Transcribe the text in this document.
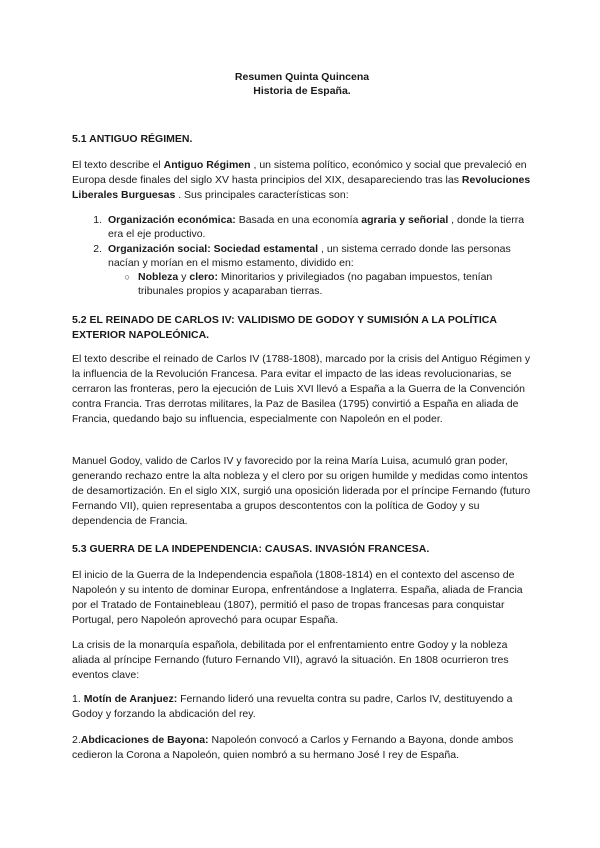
Resumen Quinta Quincena
Historia de España.
5.1 ANTIGUO RÉGIMEN.

El texto describe el Antiguo Régimen , un sistema político, económico y social que prevaleció en Europa desde finales del siglo XV hasta principios del XIX, desapareciendo tras las Revoluciones Liberales Burguesas . Sus principales características son:

1. Organización económica: Basada en una economía agraria y señorial , donde la tierra era el eje productivo.
2. Organización social: Sociedad estamental , un sistema cerrado donde las personas nacían y morían en el mismo estamento, dividido en:
○ Nobleza y clero: Minoritarios y privilegiados (no pagaban impuestos, tenían tribunales propios y acaparaban tierras.
5.2 EL REINADO DE CARLOS IV: VALIDISMO DE GODOY Y SUMISIÓN A LA POLÍTICA EXTERIOR NAPOLEÓNICA.

El texto describe el reinado de Carlos IV (1788-1808), marcado por la crisis del Antiguo Régimen y la influencia de la Revolución Francesa. Para evitar el impacto de las ideas revolucionarias, se cerraron las fronteras, pero la ejecución de Luis XVI llevó a España a la Guerra de la Convención contra Francia. Tras derrotas militares, la Paz de Basilea (1795) convirtió a España en aliada de Francia, quedando bajo su influencia, especialmente con Napoleón en el poder.

Manuel Godoy, valido de Carlos IV y favorecido por la reina María Luisa, acumuló gran poder, generando rechazo entre la alta nobleza y el clero por su origen humilde y medidas como intentos de desamortización. En el siglo XIX, surgió una oposición liderada por el príncipe Fernando (futuro Fernando VII), quien representaba a grupos descontentos con la política de Godoy y su dependencia de Francia.

5.3 GUERRA DE LA INDEPENDENCIA: CAUSAS. INVASIÓN FRANCESA.

El inicio de la Guerra de la Independencia española (1808-1814) en el contexto del ascenso de Napoleón y su intento de dominar Europa, enfrentándose a Inglaterra. España, aliada de Francia por el Tratado de Fontainebleau (1807), permitió el paso de tropas francesas para conquistar Portugal, pero Napoleón aprovechó para ocupar España.

La crisis de la monarquía española, debilitada por el enfrentamiento entre Godoy y la nobleza aliada al príncipe Fernando (futuro Fernando VII), agravó la situación. En 1808 ocurrieron tres eventos clave:

1. Motín de Aranjuez: Fernando lideró una revuelta contra su padre, Carlos IV, destituyendo a Godoy y forzando la abdicación del rey.

2.Abdicaciones de Bayona: Napoleón convocó a Carlos y Fernando a Bayona, donde ambos cedieron la Corona a Napoleón, quien nombró a su hermano José I rey de España.
